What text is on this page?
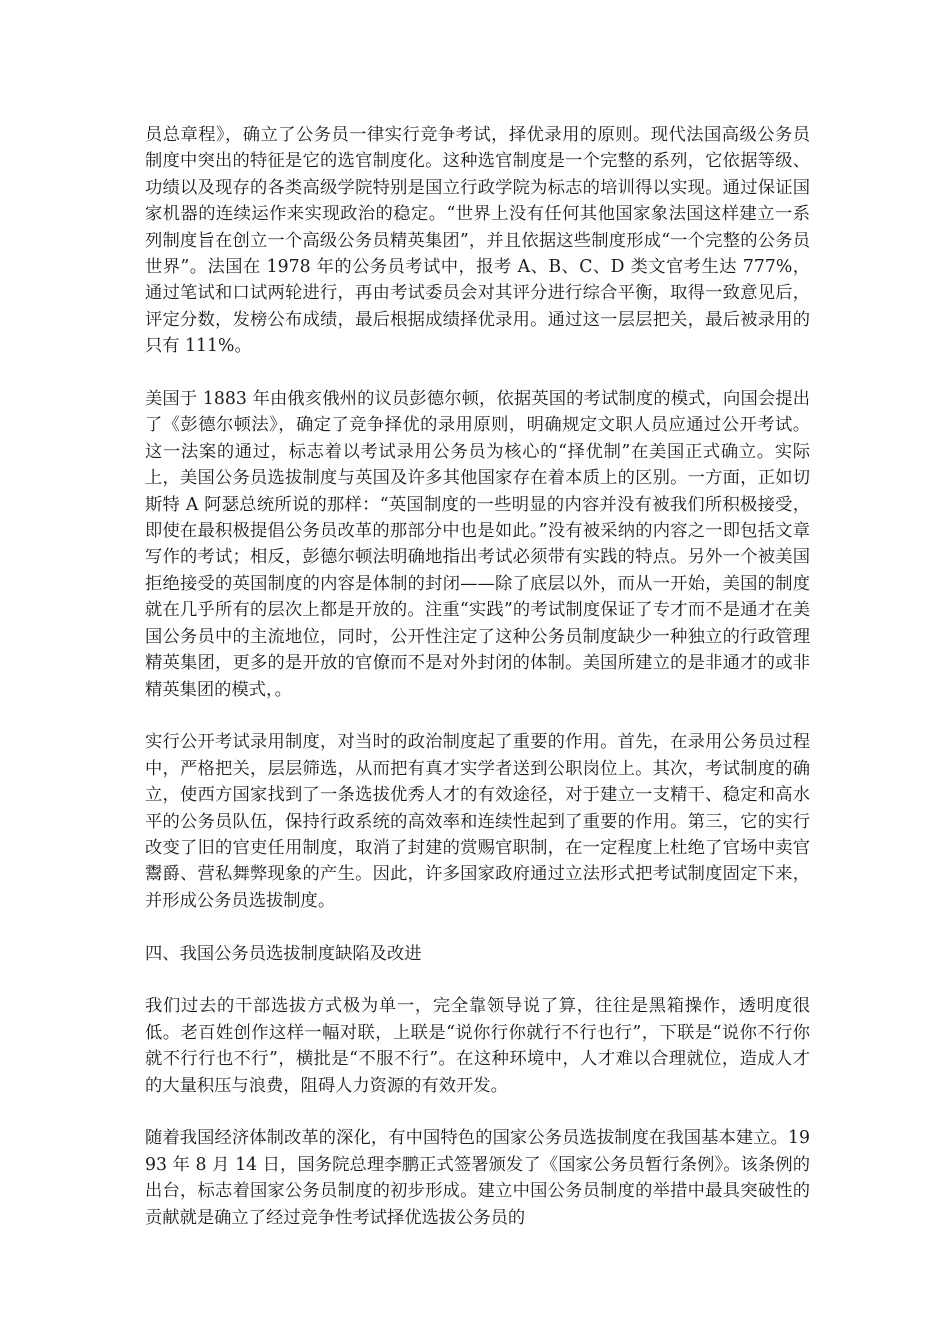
员总章程》，确立了公务员一律实行竞争考试，择优录用的原则。现代法国高级公务员制度中突出的特征是它的选官制度化。这种选官制度是一个完整的系列，它依据等级、功绩以及现存的各类高级学院特别是国立行政学院为标志的培训得以实现。通过保证国家机器的连续运作来实现政治的稳定。“世界上没有任何其他国家象法国这样建立一系列制度旨在创立一个高级公务员精英集团”，并且依据这些制度形成“一个完整的公务员世界”。法国在 1978 年的公务员考试中，报考 A、B、C、D 类文官考生达 777%，通过笔试和口试两轮进行，再由考试委员会对其评分进行综合平衡，取得一致意见后，评定分数，发榜公布成绩，最后根据成绩择优录用。通过这一层层把关，最后被录用的只有 111%。

美国于 1883 年由俄亥俄州的议员彭德尔顿，依据英国的考试制度的模式，向国会提出了《彭德尔顿法》，确定了竞争择优的录用原则，明确规定文职人员应通过公开考试。这一法案的通过，标志着以考试录用公务员为核心的“择优制”在美国正式确立。实际上，美国公务员选拔制度与英国及许多其他国家存在着本质上的区别。一方面，正如切斯特 A 阿瑟总统所说的那样：“英国制度的一些明显的内容并没有被我们所积极接受，即使在最积极提倡公务员改革的那部分中也是如此。”没有被采纳的内容之一即包括文章写作的考试；相反，彭德尔顿法明确地指出考试必须带有实践的特点。另外一个被美国拒绝接受的英国制度的内容是体制的封闭——除了底层以外，而从一开始，美国的制度就在几乎所有的层次上都是开放的。注重“实践”的考试制度保证了专才而不是通才在美国公务员中的主流地位，同时，公开性注定了这种公务员制度缺少一种独立的行政管理精英集团，更多的是开放的官僚而不是对外封闭的体制。美国所建立的是非通才的或非精英集团的模式，。

实行公开考试录用制度，对当时的政治制度起了重要的作用。首先，在录用公务员过程中，严格把关，层层筛选，从而把有真才实学者送到公职岗位上。其次，考试制度的确立，使西方国家找到了一条选拔优秀人才的有效途径，对于建立一支精干、稳定和高水平的公务员队伍，保持行政系统的高效率和连续性起到了重要的作用。第三，它的实行改变了旧的官吏任用制度，取消了封建的赏赐官职制，在一定程度上杜绝了官场中卖官鬻爵、营私舞弊现象的产生。因此，许多国家政府通过立法形式把考试制度固定下来，并形成公务员选拔制度。

四、我国公务员选拔制度缺陷及改进

我们过去的干部选拔方式极为单一，完全靠领导说了算，往往是黑箱操作，透明度很低。老百姓创作这样一幅对联，上联是“说你行你就行不行也行”，下联是“说你不行你就不行行也不行”，横批是“不服不行”。在这种环境中，人才难以合理就位，造成人才的大量积压与浪费，阻碍人力资源的有效开发。

随着我国经济体制改革的深化，有中国特色的国家公务员选拔制度在我国基本建立。1993 年 8 月 14 日，国务院总理李鹏正式签署颁发了《国家公务员暂行条例》。该条例的出台，标志着国家公务员制度的初步形成。建立中国公务员制度的举措中最具突破性的贡献就是确立了经过竞争性考试择优选拔公务员的
